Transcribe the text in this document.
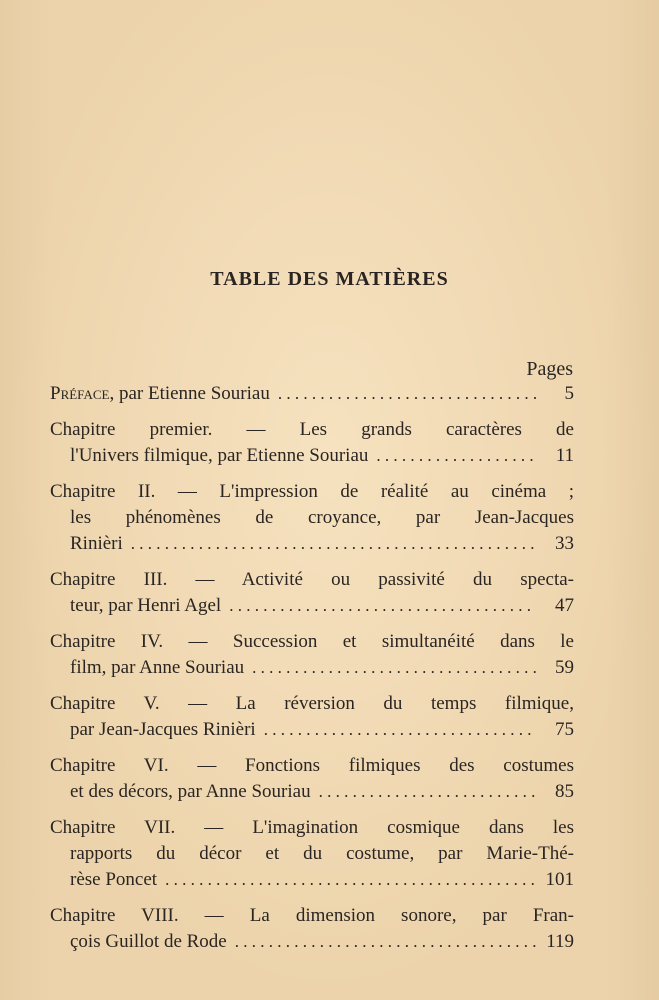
TABLE DES MATIÈRES
Pages
Préface, par Etienne Souriau . . .	5
Chapitre premier. — Les grands caractères de
l'Univers filmique, par Etienne Souriau . . .	11
Chapitre II. — L'impression de réalité au cinéma ;
les phénomènes de croyance, par Jean-Jacques
Rinièri . . .	33
Chapitre III. — Activité ou passivité du specta-
teur, par Henri Agel . . .	47
Chapitre IV. — Succession et simultanéité dans le
film, par Anne Souriau . . .	59
Chapitre V. — La réversion du temps filmique,
par Jean-Jacques Rinièri . . .	75
Chapitre VI. — Fonctions filmiques des costumes
et des décors, par Anne Souriau . . .	85
Chapitre VII. — L'imagination cosmique dans les
rapports du décor et du costume, par Marie-Thé-
rèse Poncet . . .	101
Chapitre VIII. — La dimension sonore, par Fran-
çois Guillot de Rode . . .	119
